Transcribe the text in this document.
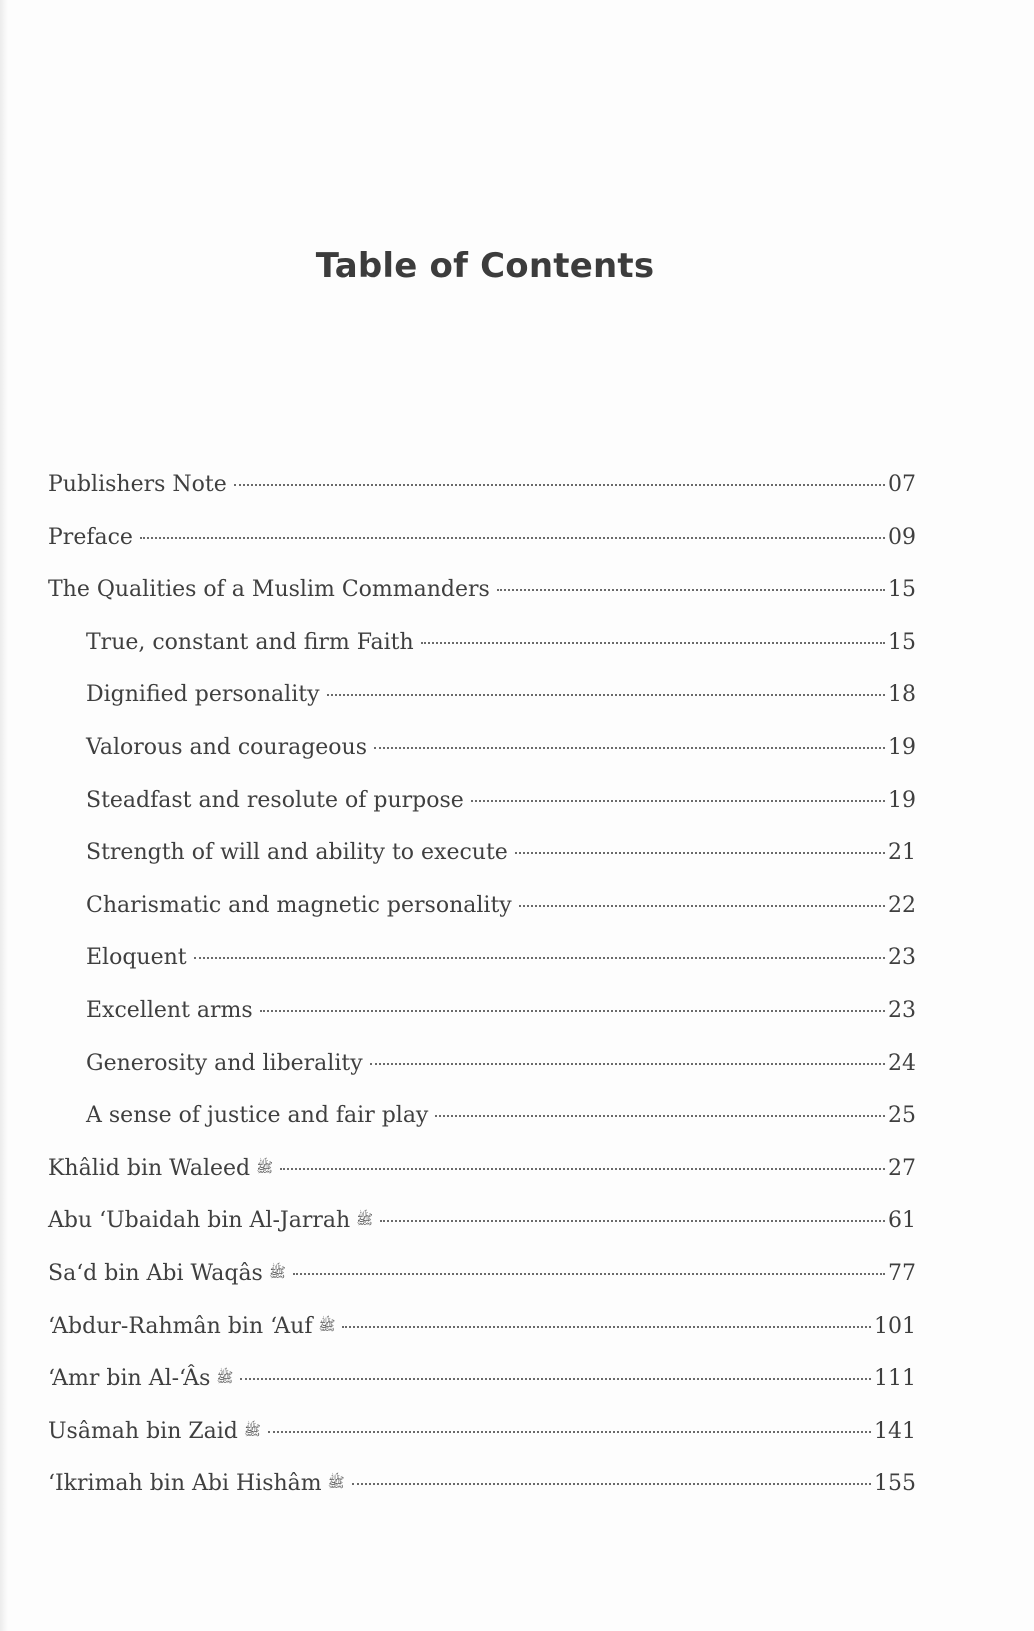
Table of Contents
Publishers Note	07
Preface	09
The Qualities of a Muslim Commanders	15
True, constant and firm Faith	15
Dignified personality	18
Valorous and courageous	19
Steadfast and resolute of purpose	19
Strength of will and ability to execute	21
Charismatic and magnetic personality	22
Eloquent	23
Excellent arms	23
Generosity and liberality	24
A sense of justice and fair play	25
Khâlid bin Waleed ﷺ	27
Abu ‘Ubaidah bin Al-Jarrah ﷺ	61
Sa‘d bin Abi Waqâs ﷺ	77
‘Abdur-Rahmân bin ‘Auf ﷺ	101
‘Amr bin Al-‘Âs ﷺ	111
Usâmah bin Zaid ﷺ	141
‘Ikrimah bin Abi Hishâm ﷺ	155
